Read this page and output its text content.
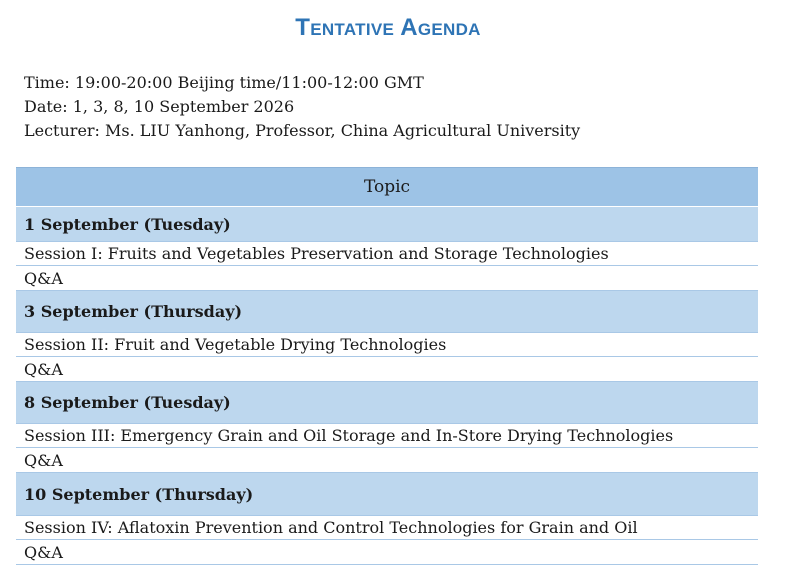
Tentative Agenda
Time: 19:00-20:00 Beijing time/11:00-12:00 GMT
Date: 1, 3, 8, 10 September 2026
Lecturer: Ms. LIU Yanhong, Professor, China Agricultural University
Topic
1 September (Tuesday)
Session I: Fruits and Vegetables Preservation and Storage Technologies
Q&A
3 September (Thursday)
Session II: Fruit and Vegetable Drying Technologies
Q&A
8 September (Tuesday)
Session III: Emergency Grain and Oil Storage and In-Store Drying Technologies
Q&A
10 September (Thursday)
Session IV: Aflatoxin Prevention and Control Technologies for Grain and Oil
Q&A
